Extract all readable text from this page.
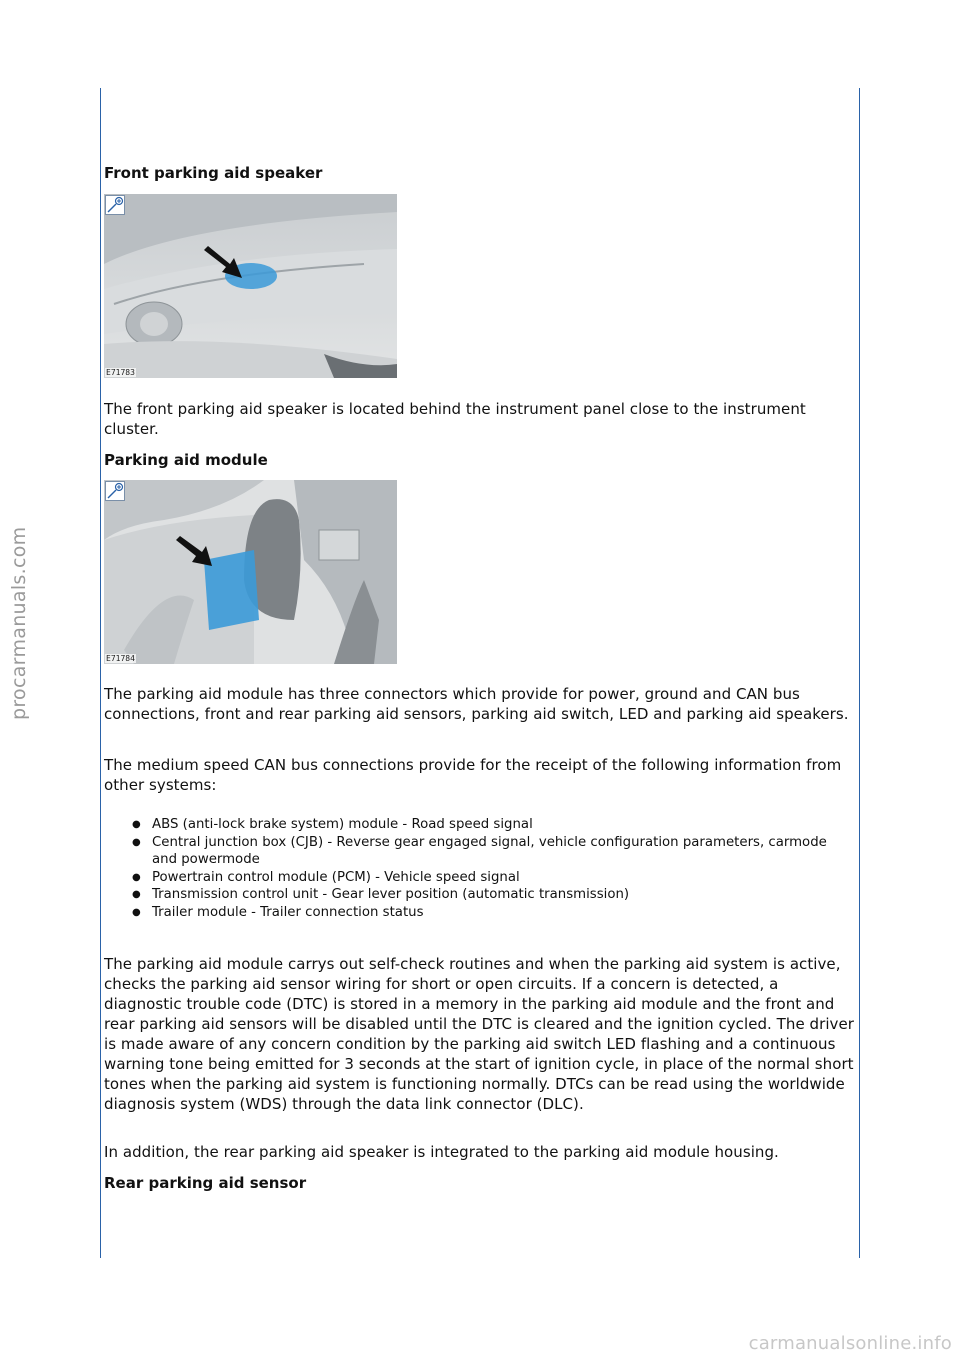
procarmanuals.com
Front parking aid speaker
E71783

The front parking aid speaker is located behind the instrument panel close to the instrument cluster.

Parking aid module
E71784

The parking aid module has three connectors which provide for power, ground and CAN bus connections, front and rear parking aid sensors, parking aid switch, LED and parking aid speakers.

The medium speed CAN bus connections provide for the receipt of the following information from other systems:

● ABS (anti-lock brake system) module - Road speed signal
● Central junction box (CJB) - Reverse gear engaged signal, vehicle configuration parameters, carmode and powermode
● Powertrain control module (PCM) - Vehicle speed signal
● Transmission control unit - Gear lever position (automatic transmission)
● Trailer module - Trailer connection status

The parking aid module carrys out self-check routines and when the parking aid system is active, checks the parking aid sensor wiring for short or open circuits. If a concern is detected, a diagnostic trouble code (DTC) is stored in a memory in the parking aid module and the front and rear parking aid sensors will be disabled until the DTC is cleared and the ignition cycled. The driver is made aware of any concern condition by the parking aid switch LED flashing and a continuous warning tone being emitted for 3 seconds at the start of ignition cycle, in place of the normal short tones when the parking aid system is functioning normally. DTCs can be read using the worldwide diagnosis system (WDS) through the data link connector (DLC).

In addition, the rear parking aid speaker is integrated to the parking aid module housing.

Rear parking aid sensor
carmanualsonline.info
